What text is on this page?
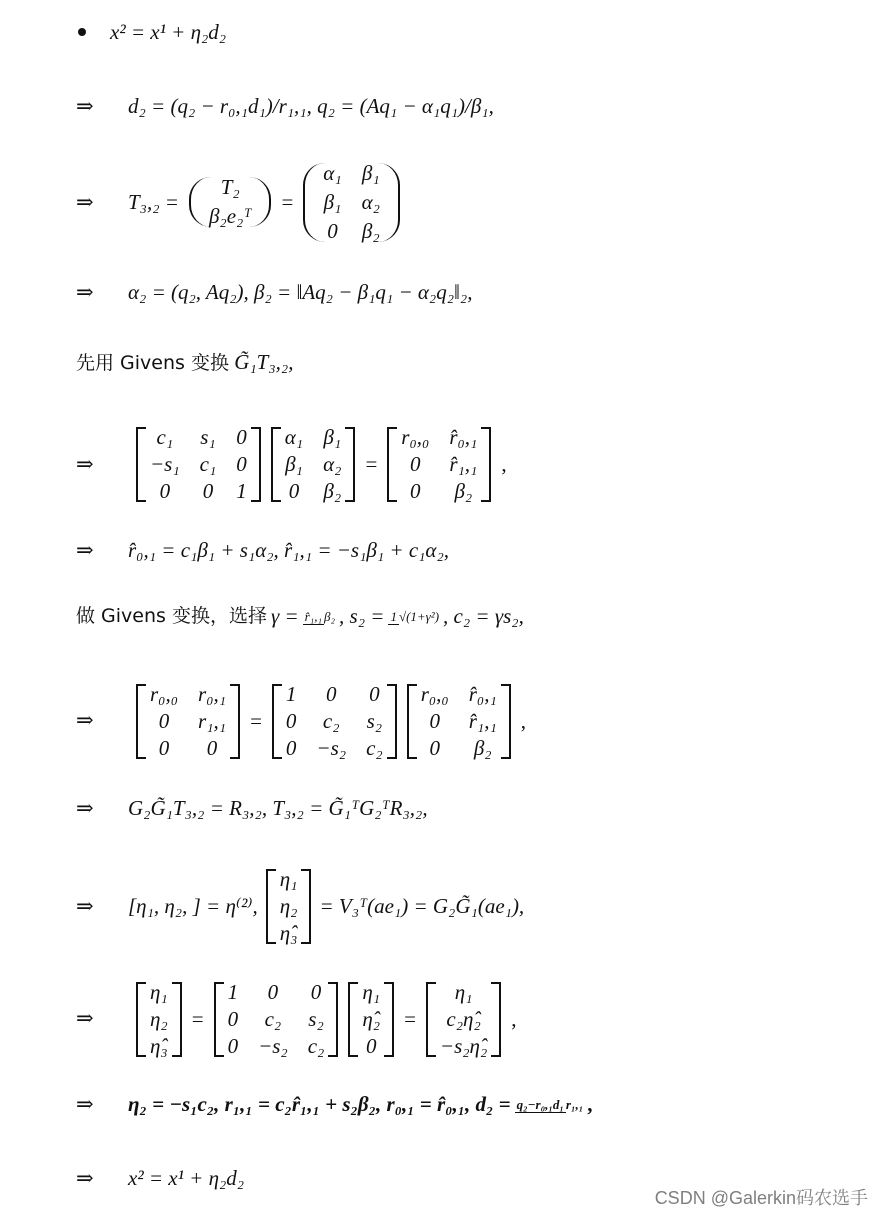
x² = x¹ + η₂d₂
⇒ d₂ = (q₂ − r₀,₁d₁)/r₁,₁, q₂ = (Aq₁ − α₁q₁)/β₁,
⇒ T₃,₂ =
T₂
β₂e₂ᵀ
=
α₁ β₁
β₁ α₂
0 β₂
⇒ α₂ = (q₂, Aq₂), β₂ = ‖Aq₂ − β₁q₁ − α₂q₂‖₂,
先用 Givens 变换 G̃₁T₃,₂,
⇒
c₁	s₁ 0
−s₁ c₁ 0
0	0 1
α₁ β₁
β₁ α₂
0 β₂
=
r₀,₀ r̂₀,₁
0	r̂₁,₁
0	β₂
,
⇒ r̂₀,₁ = c₁β₁ + s₁α₂, r̂₁,₁ = −s₁β₁ + c₁α₂,
做 Givens 变换，选择 γ = r̂₁,₁ β₂ , s₂ = 1 √(1+γ²) , c₂ = γs₂,
⇒
r₀,₀ r₀,₁
0	r₁,₁
0	0
=
1	0	0
0	c₂	s₂
0 −s₂ c₂
r₀,₀ r̂₀,₁
0	r̂₁,₁
0	β₂
,
⇒ G₂G̃₁T₃,₂ = R₃,₂, T₃,₂ = G̃₁ᵀG₂ᵀR₃,₂,
⇒ [η₁, η₂, ] = η⁽²⁾,
η₁
η₂
η̂₃
= V₃ᵀ(ae₁) = G₂G̃₁(ae₁),
⇒
η₁
η₂
η̂₃
=
1	0	0
0	c₂	s₂
0 −s₂ c₂
η₁
η̂₂
0
=
η₁
c₂η̂₂
−s₂η̂₂
,
⇒ η₂ = −s₁c₂, r₁,₁ = c₂r̂₁,₁ + s₂β₂, r₀,₁ = r̂₀,₁, d₂ = q₂−r₀,₁d₁ r₁,₁ ,
⇒ x² = x¹ + η₂d₂
CSDN @Galerkin码农选手
